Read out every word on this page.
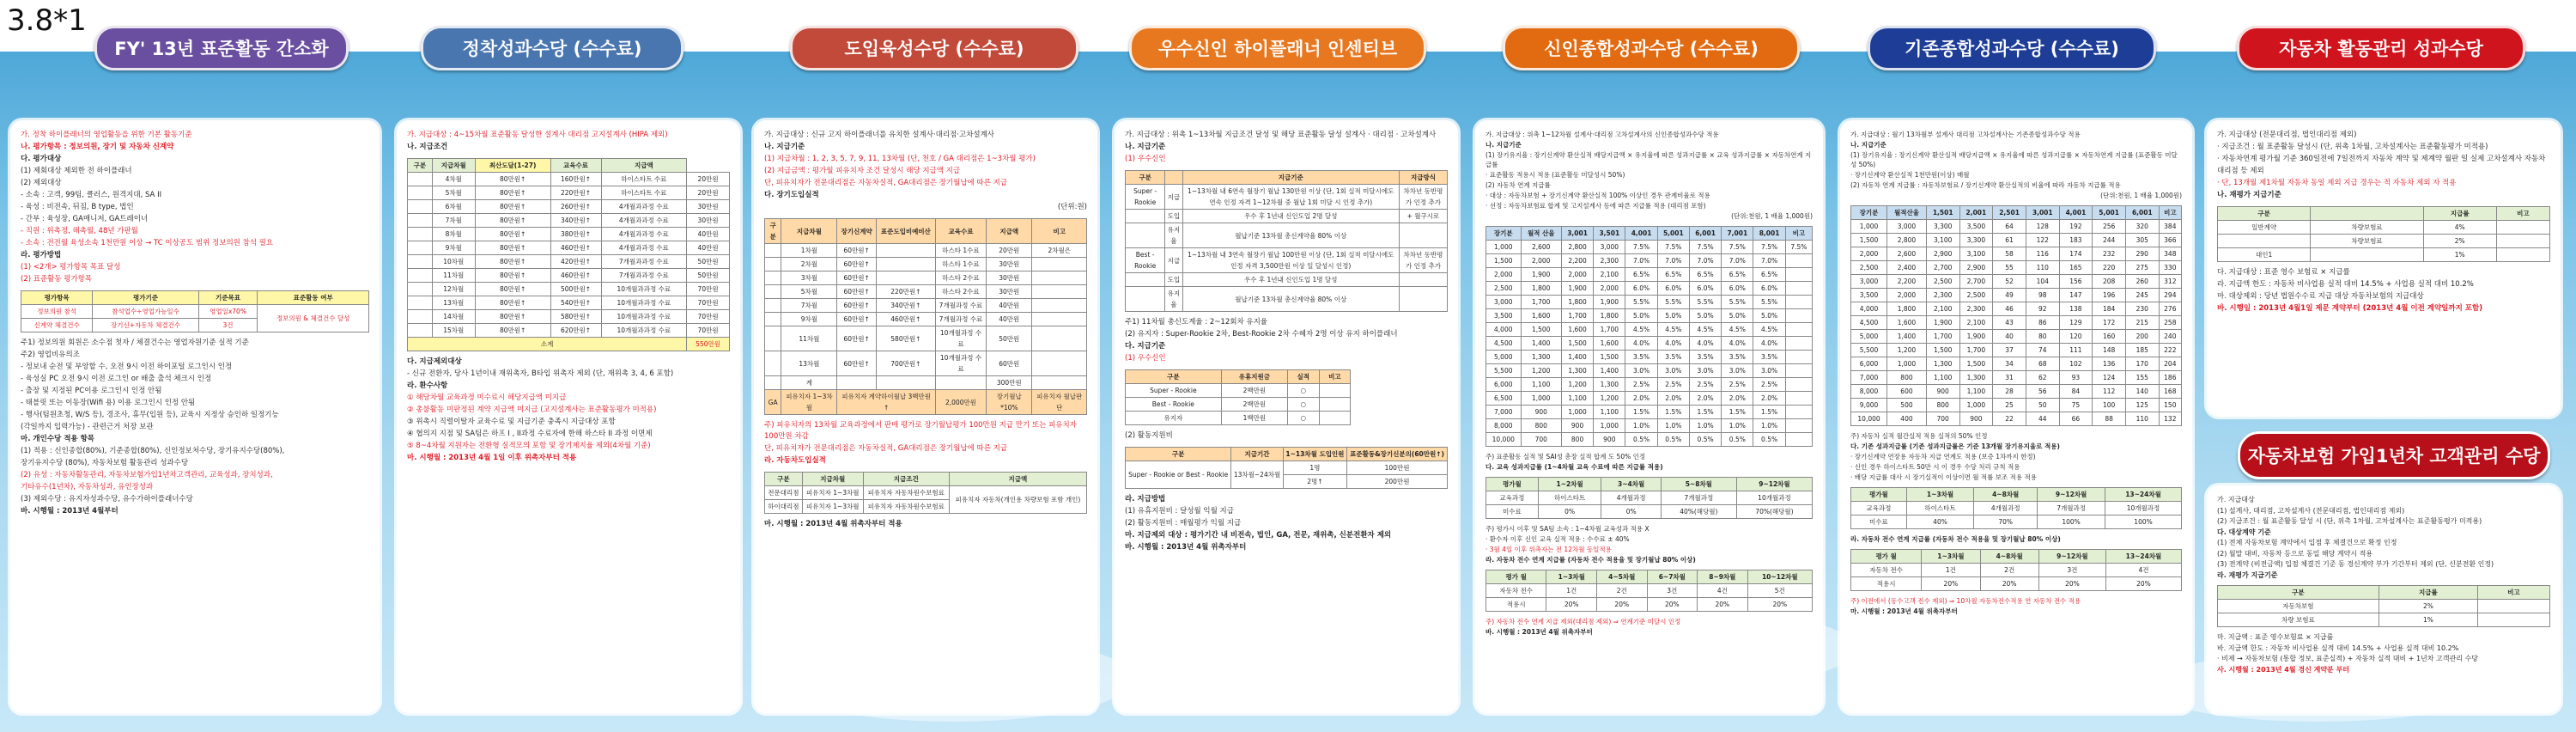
3.8*1
FY' 13년 표준활동 간소화	정착성과수당 (수수료)	도입육성수당 (수수료)	우수신인 하이플래너 인센티브	신인종합성과수당 (수수료)	기존종합성과수당 (수수료)	자동차 활동관리 성과수당
가. 정착 하이플래너의 영업활동을 위한 기본 활동기준
나. 평가항목 : 정보의원, 장기 및 자동차 신계약
다. 평가대상
(1) 제회대상 제외한 전 하이플래너
(2) 제외대상
- 소속 : 고객, 99팀, 클러스, 원격지대, SA II
- 육성 : 비전속, 뒤짐, B type, 법인
- 간부 : 육성장, GA매니저, GA트레이너
- 직원 : 위촉정, 해촉월, 48년 가판월
- 소속 : 전전월 육성소속 1천만원 이상 → TC 이상공도 범위 정보의원 참석 필요
라. 평가방법
(1) <2개> 평가항목 목표 달성
(2) 표준활동 평가항목
평가항목	평가기준	기준목표	표준활동 여부
정보의원 참석	참석업수÷영업가능일수	영업일x70%	정보의원 & 체결건수 달성
신계약 체결건수	장기신+자동차 체결건수	3건	
주1) 정보의원 회원은 소수점 첫자 / 체결건수는 영업자원기준 실적 기준
주2) 영업비유의조
- 정보내 순전 및 부앙할 수, 오전 9시 이전 하이포털 로그인시 인정
- 육성실 PC 오전 9시 이전 로그인 or 배출 출석 체크시 인정
- 출장 및 지정된 PC이용 로그인시 인정 안됨
- 태블릿 또는 이동장(Wifi 용) 이용 로그인시 인정 안됨
- 행사(팀원초청, W/S 등), 경조사, 휴무(입원 등), 교육시 지정상 승인하 일정기능
(각일까지 입력가능) - 관련근거 처장 보관
마. 개인수당 적용 항목
(1) 적용 : 신인종합(80%), 기준종합(80%), 신인정보처수당, 장기유지수당(80%),
장기유지수당 (80%), 자동차보험 활동관리 성과수당
(2) 유성 : 자동차활동관리, 자동차보험가입1년차고객관리, 교육성과, 장치성과,
기타유수(1년차), 자동차성과, 유인장성과
(3) 제외수당 : 유지자성과수당, 유수가하이플래너수당
바. 시행월 : 2013년 4월부터
가. 지급대상 : 4~15차월 표준활동 달성한 설계사 대리점 고지설계사 (HIPA 제외)
나. 지급조건
구분	지급차월	최산도달(1-27)	교육수료	지급액	
	4차월	80만원↑	160만원↑	하이스타트 수료	20만원
	5차월	80만원↑	220만원↑	하이스타트 수료	20만원
	6차월	80만원↑	260만원↑	4개월과과정 수료	30만원
	7차월	80만원↑	340만원↑	4개월과과정 수료	30만원
	8차월	80만원↑	380만원↑	4개월과과정 수료	40만원
	9차월	80만원↑	460만원↑	4개월과과정 수료	40만원
	10차월	80만원↑	420만원↑	7개월과과정 수료	50만원
	11차월	80만원↑	460만원↑	7개월과과정 수료	50만원
	12차월	80만원↑	500만원↑	10개월과과정 수료	70만원
	13차월	80만원↑	540만원↑	10개월과과정 수료	70만원
	14차월	80만원↑	580만원↑	10개월과과정 수료	70만원
	15차월	80만원↑	620만원↑	10개월과과정 수료	70만원
소계					550만원
다. 지급제외대상
- 신규 전환자, 당사 1년이내 재위촉자, B타입 위촉자 제외 (단, 재위촉 3, 4, 6 포함)
라. 환수사항
① 해당차월 교육과정 미수료시 해당지급액 미지급
② 총불활동 미판정된 계약 지급액 미지급 (고지설계사는 표준활동평가 미적용)
③ 위촉시 직렬이탈자 교육수료 및 지급기준 충족시 지급대상 포함
④ 협의지 지점 및 SA팀은 하프 I , II과정 수료자에 한해 하스타 II 과정 이면제
⑤ 8~4차월 지원자는 전환형 실적모의 포함 및 장기제지율 제외(4차월 기준)
마. 시행월 : 2013년 4월 1일 이후 위촉자부터 적용
가. 지급대상 : 신규 고지 하이플래너를 유치한 설계사·대리점·고차설계사
나. 지급기준
(1) 지급차월 : 1, 2, 3, 5, 7, 9, 11, 13차월 (단, 천호 / GA 대리점은 1~3차월 평가)
(2) 지급금액 : 평가월 피유치자 조건 달성시 해당 지급액 지급
단, 피유치자가 전문대리점은 자동차실적, GA대리점은 장기월납에 따른 지급
다. 장기도입실적
(단위:원)
구분	지급차월	장기신계약	표준도입비예비산	교육수료	지급액	비고
	1차월	60만원↑		하스타 1수료	20만원	2차월은
	2차월	60만원↑		하스타 1수료	30만원	
	3차월	60만원↑		하스타 2수료	30만원	
	5차월	60만원↑	220만원↑	하스타 2수료	30만원	
	7차월	60만원↑	340만원↑	7개월과정 수료	40만원	
	9차월	60만원↑	460만원↑	7개월과정 수료	40만원	
	11차월	60만원↑	580만원↑	10개월과정 수료	50만원	
	13차월	60만원↑	700만원↑	10개월과정 수료	60만원	
	계				300만원	
GA	피유치자 1~3차월	피유치자 계약하이월납 3백만원 ↑		2,000만원	장기월납*10%	피유치자 월납판단
주) 피유치자의 13차월 교육과정에서 판매 평가로 장기월납평가 100만원 지급 만기 또는 피유치자 100만원 차감
단, 피유치자가 전문대리점은 자동차실적, GA대리점은 장기월납에 따른 지급
라. 자동차도입실적
구분	지급차월	지급조건	지급액
전문대리점	피유치자 1~3차월	피유치자 자동차원수보험료	피유치자 자동차(개인용 차량보험 포함 개인)
하이대리점	피유치자 1~3차월	피유치자 자동차원수보험료	
마. 시행월 : 2013년 4월 위촉자부터 적용
가. 지급대상 : 위촉 1~13차월 지급조건 달성 및 해당 표준활동 달성 설계사 · 대리점 · 고차설계사
나. 지급기준
(1) 우수신인
구분		지급기준	지급방식
Super - Rookie	지급	1~13차월 내 6연속 월장기 월납 130만원 이상 (단, 1회 실적 미달시에도 연속 인정 자격 1~12차월 중 월납 1회 미달 시 인정 추가)	차차년 동반평가 인정 추가
	도입	우수 후 1년내 신인도입 2명 달성	+ 월구시로
	유지율	월납기준 13차월 총신계약율 80% 이상	
Best - Rookie	지급	1~13차월 내 3연속 월장기 월납 100만원 이상 (단, 1회 실적 미달시에도 인정 자격 3,500만원 이상 일 달성시 인정)	차차년 동반평가 인정 추가
	도입	우수 후 1년내 신인도입 1명 달성	
	유지율	월납기준 13차월 총신계약율 80% 이상	
주1) 11차월 총신도계율 : 2~12회차 유지율
(2) 유지자 : Super-Rookie 2차, Best-Rookie 2차 수혜자 2명 이상 유지 하이플래너
다. 지급기준
(1) 우수신인
구분	유휴지원금	실적	비고
Super - Rookie	2백만원	○	
Best - Rookie	2백만원	○	
유지자	1백만원	○	
(2) 활동지원비
구분	지급기간	1~13차월 도입인원	표준활동&장기신분의(60만원↑)
Super - Rookie or Best - Rookie	13차월~24차월	1명	100만원
		2명↑	200만원
라. 지급방법
(1) 유휴지원비 : 달성월 익월 지급
(2) 활동지원비 : 매월평가 익월 지급
마. 지급제외 대상 : 평가기간 내 비전속, 법인, GA, 전문, 재위촉, 신분전환자 제외
바. 시행월 : 2013년 4월 위촉자부터
가. 지급대상 : 위촉 1~12차월 설계사·대리점 고차설계사의 신인종합성과수당 적용
나. 지급기준
(1) 장기유지율 : 장기신계약 환산실적 배당지급액 × 유지율에 따른 성과지급률 × 교육 성과지급률 × 자동차연계 지급률
· 표준활동 적용시 적용 (표준활동 미달성시 50%)
(2) 자동차 연계 지급률
· 대상 : 자동차보험 + 장기신계약 환산실적 100% 이상인 경우 관계비율로 적용
· 선정 : 자동차보험료 합계 및 고지설계사 등에 따른 지급률 적용 (대리점 포함)
(단위:천원, 1 배율 1,000원)
장기분	월적 산율	3,001	3,501	4,001	5,001	6,001	7,001	8,001	비고
1,000	2,600	2,800	3,000	7.5%	7.5%	7.5%	7.5%	7.5%	7.5%
1,500	2,000	2,200	2,300	7.0%	7.0%	7.0%	7.0%	7.0%	
2,000	1,900	2,000	2,100	6.5%	6.5%	6.5%	6.5%	6.5%	
2,500	1,800	1,900	2,000	6.0%	6.0%	6.0%	6.0%	6.0%	
3,000	1,700	1,800	1,900	5.5%	5.5%	5.5%	5.5%	5.5%	
3,500	1,600	1,700	1,800	5.0%	5.0%	5.0%	5.0%	5.0%	
4,000	1,500	1,600	1,700	4.5%	4.5%	4.5%	4.5%	4.5%	
4,500	1,400	1,500	1,600	4.0%	4.0%	4.0%	4.0%	4.0%	
5,000	1,300	1,400	1,500	3.5%	3.5%	3.5%	3.5%	3.5%	
5,500	1,200	1,300	1,400	3.0%	3.0%	3.0%	3.0%	3.0%	
6,000	1,100	1,200	1,300	2.5%	2.5%	2.5%	2.5%	2.5%	
6,500	1,000	1,100	1,200	2.0%	2.0%	2.0%	2.0%	2.0%	
7,000	900	1,000	1,100	1.5%	1.5%	1.5%	1.5%	1.5%	
8,000	800	900	1,000	1.0%	1.0%	1.0%	1.0%	1.0%	
10,000	700	800	900	0.5%	0.5%	0.5%	0.5%	0.5%	
주) 표준활동 실적 및 SAI성 총장 실적 합계 도 50% 인정
다. 교육 성과지급률 (1~4차월 교육 수료에 따른 지급률 적용)
평가월	1~2차월	3~4차월	5~8차월	9~12차월
교육과정	하이스타트	4개월과정	7개월과정	10개월과정
미수료	0%	0%	40%(해당월)	70%(해당월)
주) 평가시 이후 및 SA팀 소속 : 1~4차월 교육성과 적용 X
· 환수자 이후 신인 교육 실적 적용 : 수수료 ± 40%
· 3월 4일 이후 위촉자는 전 12차월 동일적용
라. 자동차 전수 연계 지급률 (자동차 전수 적용율 및 장기월납 80% 이상)
평가 월	1~3차월	4~5차월	6~7차월	8~9차월	10~12차월
자동차 전수	1건	2건	3건	4건	5건
적용시	20%	20%	20%	20%	20%
주) 자동차 전수 연계 지급 제외(대리점 제외) ⇒ 연계기준 미달시 인정
바. 시행월 : 2013년 4월 위촉자부터
가. 지급대상 : 월기 13차월부 설계사 대리점 고차설계사는 기존종합성과수당 적용
나. 지급기준
(1) 장기유지율 : 장기신계약 환산실적 배당지급액 × 유지율에 따른 성과지급률 × 자동차연계 지급률 (표준활동 미달성 50%)
· 장기신계약 환산실적 1천만원(이상) 매월
(2) 자동차 연계 지급률 : 자동차보험료 / 장기신계약 환산실적의 비율에 따라 자동차 지급률 적용
(단위:천원, 1 배율 1,000원)
장기분	월적산율	1,501	2,001	2,501	3,001	4,001	5,001	6,001	비고
1,000	3,000	3,300	3,500	64	128	192	256	320	384
1,500	2,800	3,100	3,300	61	122	183	244	305	366
2,000	2,600	2,900	3,100	58	116	174	232	290	348
2,500	2,400	2,700	2,900	55	110	165	220	275	330
3,000	2,200	2,500	2,700	52	104	156	208	260	312
3,500	2,000	2,300	2,500	49	98	147	196	245	294
4,000	1,800	2,100	2,300	46	92	138	184	230	276
4,500	1,600	1,900	2,100	43	86	129	172	215	258
5,000	1,400	1,700	1,900	40	80	120	160	200	240
5,500	1,200	1,500	1,700	37	74	111	148	185	222
6,000	1,000	1,300	1,500	34	68	102	136	170	204
7,000	800	1,100	1,300	31	62	93	124	155	186
8,000	600	900	1,100	28	56	84	112	140	168
9,000	500	800	1,000	25	50	75	100	125	150
10,000	400	700	900	22	44	66	88	110	132
주) 자동차 실적 월간실적 적용 실적의 50% 인정
다. 기존 성과지급률 (기존 성과지급률은 기준 13개월 장기유지율로 적용)
· 장기신계약 연장용 자동차 지급 연계도 적용 (보증 1차까지 한정)
· 신인 경우 하이스타트 50만 시 이 경우 수당 처리 규칙 적용
· 배당 지급률 대사 시 장기실적이 이상이면 월 적률 보조 적용 적용
평가월	1~3차월	4~8차월	9~12차월	13~24차월
교육과정	하이스타트	4개월과정	7개월과정	10개월과정
미수료	40%	70%	100%	100%
라. 자동차 전수 연계 지급률 (자동차 전수 적용율 및 장기월납 80% 이상)
평가 월	1~3차월	4~8차월	9~12차월	13~24차월
자동차 전수	1건	2건	3건	4건
적용시	20%	20%	20%	20%
주) 이전에서 (동수고객 전수 제외) ⇒ 10차월 자동차전수적용 연 자동차 전수 적용
마. 시행월 : 2013년 4월 위촉자부터
가. 지급대상 (전문대리점, 법인대리점 제외)
· 지급조건 : 월 표준활동 달성시 (단, 위촉 1차월, 고차설계사는 표준활동평가 미적용)
· 자동차연계 평가월 기준 360일전에 7일전까지 자동차 계약 및 제계약 월판 일 실제 고차설계사 자동차
대리점 등 제외
· 단, 13개월 제1차월 자동차 동일 제외 지급 경우는 적 자동차 제외 자 적용
나. 재평가 지급기준
구분		지급률	비고
일반계약	차량보험료	4%	
	차량보험료	2%	
대인1		1%	
다. 지급대상 : 표준 영수 보험료 × 지급률
라. 지급액 한도 : 자동차 비사업용 실적 대비 14.5% + 사업용 실적 대비 10.2%
마. 대상제외 : 당년 법원수수료 지급 대상 자동차보험의 지급대상
바. 시행일 : 2013년 4월1일 제문 계약부터 (2013년 4월 이전 계약일까지 포함)
자동차보험 가입1년차 고객관리 수당
가. 지급대상
(1) 설계사, 대리점, 고차설계사 (전문대리점, 법인대리점 제외)
(2) 지급조건 : 월 표준활동 달성 시 (단, 위촉 1차월, 고차설계사는 표준활동평가 미적용)
다. 대상계약 기준
(1) 전체 자동차보험 계약에서 입점 후 체결건으로 확정 인정
(2) 월말 대비, 자동차 등으로 동일 해당 계약시 적용
(3) 전계약 (비전금액) 입점 체결건 기준 동 경신계약 부가 기간부터 제외 (단, 신분전환 인정)
라. 재평가 지급기준
구분	지급률	비고
자동차보험	2%	
차량 보험료	1%	
마. 지급액 : 표준 영수보험료 × 지급률
바. 지급액 한도 : 자동차 비사업용 실적 대비 14.5% + 사업용 실적 대비 10.2%
· 비제 → 자동차보험 (통합 정보, 표준실적) + 자동차 실적 대비 + 1년차 고객관리 수당
사. 시행월 : 2013년 4월 경신 계약분 부터
